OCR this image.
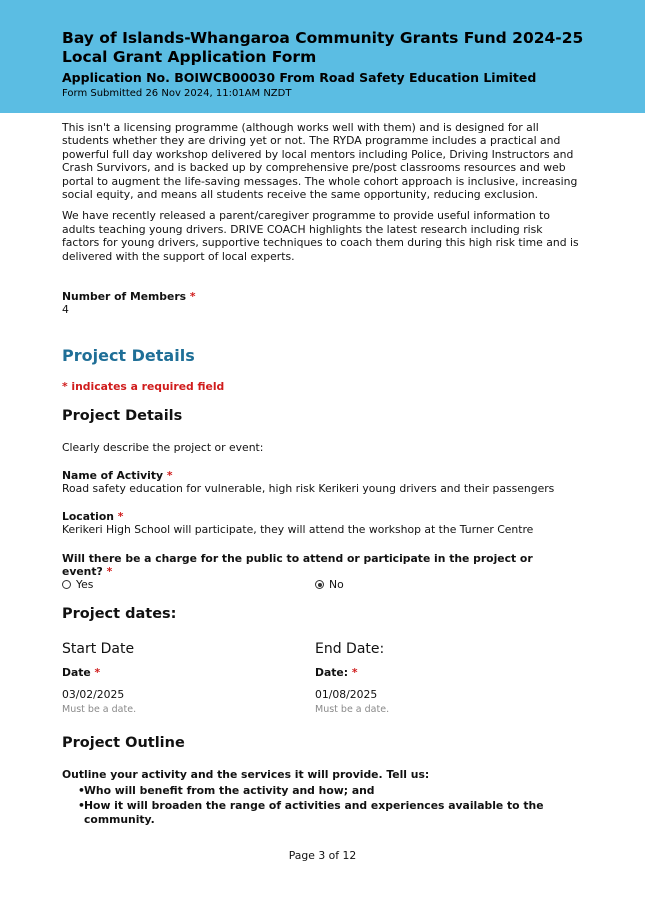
Bay of Islands-Whangaroa Community Grants Fund 2024-25
Local Grant Application Form
Application No. BOIWCB00030 From Road Safety Education Limited
Form Submitted 26 Nov 2024, 11:01AM NZDT

This isn't a licensing programme (although works well with them) and is designed for all students whether they are driving yet or not. The RYDA programme includes a practical and powerful full day workshop delivered by local mentors including Police, Driving Instructors and Crash Survivors, and is backed up by comprehensive pre/post classrooms resources and web portal to augment the life-saving messages. The whole cohort approach is inclusive, increasing social equity, and means all students receive the same opportunity, reducing exclusion.

We have recently released a parent/caregiver programme to provide useful information to adults teaching young drivers. DRIVE COACH highlights the latest research including risk factors for young drivers, supportive techniques to coach them during this high risk time and is delivered with the support of local experts.

Number of Members *
4
Project Details
* indicates a required field
Project Details
Clearly describe the project or event:
Name of Activity *
Road safety education for vulnerable, high risk Kerikeri young drivers and their passengers
Location *
Kerikeri High School will participate, they will attend the workshop at the Turner Centre
Will there be a charge for the public to attend or participate in the project or event? *
Yes	No
Project dates:
Start Date
Date *
03/02/2025
Must be a date.
End Date:
Date: *
01/08/2025
Must be a date.
Project Outline
Outline your activity and the services it will provide. Tell us:
• Who will benefit from the activity and how; and
• How it will broaden the range of activities and experiences available to the community.
Page 3 of 12
